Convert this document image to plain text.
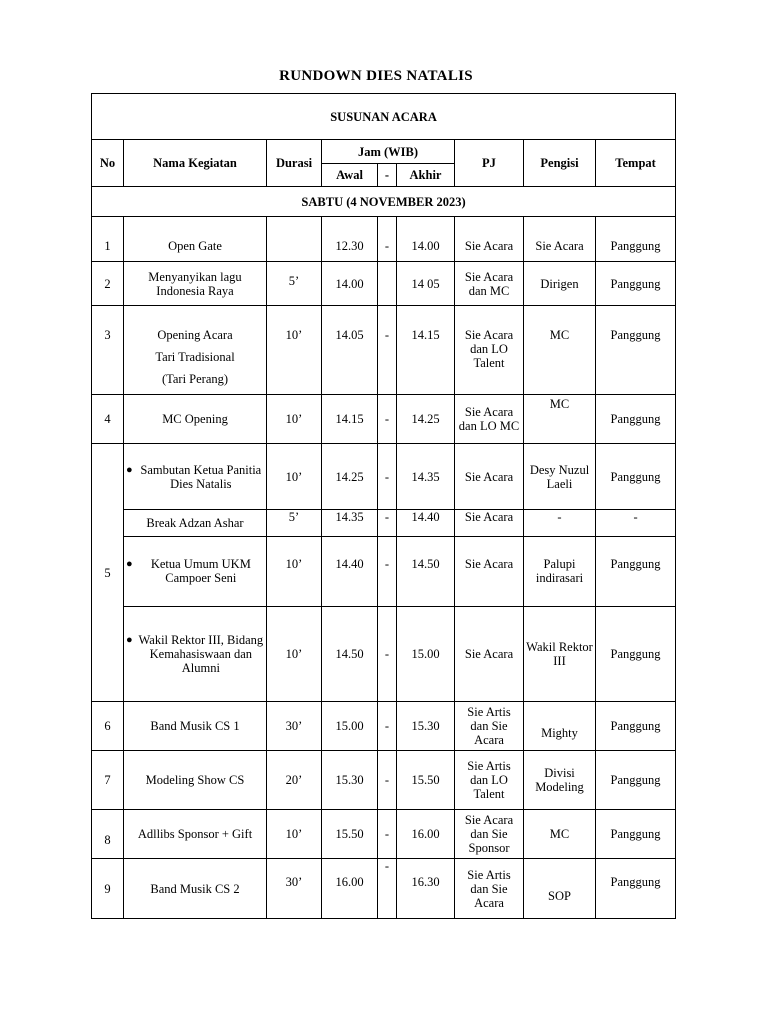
RUNDOWN DIES NATALIS
SUSUNAN ACARA								
No	Nama Kegiatan	Durasi	Jam (WIB)			PJ	Pengisi	Tempat
			Awal	-	Akhir			
SABTU (4 NOVEMBER 2023)								
1	Open Gate		12.30	-	14.00	Sie Acara	Sie Acara	Panggung
2	Menyanyikan lagu Indonesia Raya	5’	14.00		14 05	Sie Acara dan MC	Dirigen	Panggung
3	Opening Acara
Tari Tradisional
(Tari Perang)	10’	14.05	-	14.15	Sie Acara dan LO Talent	MC	Panggung
4	MC Opening	10’	14.15	-	14.25	Sie Acara dan LO MC	MC	Panggung
5	● Sambutan Ketua Panitia Dies Natalis	10’	14.25	-	14.35	Sie Acara	Desy Nuzul Laeli	Panggung
	Break Adzan Ashar	5’	14.35	-	14.40	Sie Acara	-	-

	● Ketua Umum UKM Campoer Seni	10’	14.40	-	14.50	Sie Acara	Palupi indirasari	Panggung

	● Wakil Rektor III, Bidang Kemahasiswaan dan Alumni	10’	14.50	-	15.00	Sie Acara	Wakil Rektor III	Panggung
6	Band Musik CS 1	30’	15.00	-	15.30	Sie Artis dan Sie Acara	Mighty	Panggung
7	Modeling Show CS	20’	15.30	-	15.50	Sie Artis dan LO Talent	Divisi Modeling	Panggung
8	Adllibs Sponsor + Gift	10’	15.50	-	16.00	Sie Acara dan Sie Sponsor	MC	Panggung
9	Band Musik CS 2	30’	16.00	-	16.30	Sie Artis dan Sie Acara	SOP	Panggung
